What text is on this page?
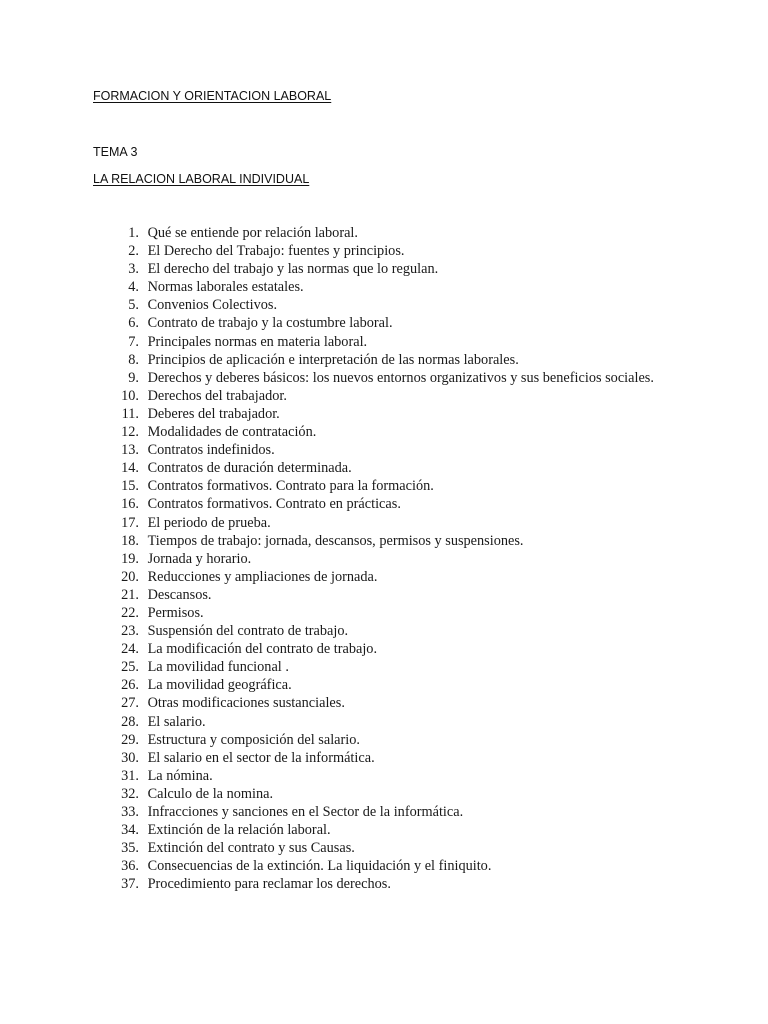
FORMACION Y ORIENTACION LABORAL
TEMA 3
LA RELACION LABORAL INDIVIDUAL
1. Qué se entiende por relación laboral.
2. El Derecho del Trabajo: fuentes y principios.
3. El derecho del trabajo y las normas que lo regulan.
4. Normas laborales estatales.
5. Convenios Colectivos.
6. Contrato de trabajo y la costumbre laboral.
7. Principales normas en materia laboral.
8. Principios de aplicación e interpretación de las normas laborales.
9. Derechos y deberes básicos: los nuevos entornos organizativos y sus beneficios sociales.
10. Derechos del trabajador.
11. Deberes del trabajador.
12. Modalidades de contratación.
13. Contratos indefinidos.
14. Contratos de duración determinada.
15. Contratos formativos. Contrato para la formación.
16. Contratos formativos. Contrato en prácticas.
17. El periodo de prueba.
18. Tiempos de trabajo: jornada, descansos, permisos y suspensiones.
19. Jornada y horario.
20. Reducciones y ampliaciones de jornada.
21. Descansos.
22. Permisos.
23. Suspensión del contrato de trabajo.
24. La modificación del contrato de trabajo.
25. La movilidad funcional .
26. La movilidad geográfica.
27. Otras modificaciones sustanciales.
28. El salario.
29. Estructura y composición del salario.
30. El salario en el sector de la informática.
31. La nómina.
32. Calculo de la nomina.
33. Infracciones y sanciones en el Sector de la informática.
34. Extinción de la relación laboral.
35. Extinción del contrato y sus Causas.
36. Consecuencias de la extinción. La liquidación y el finiquito.
37. Procedimiento para reclamar los derechos.
